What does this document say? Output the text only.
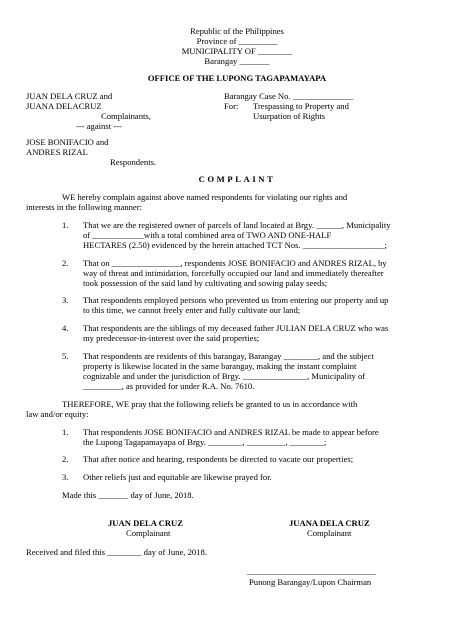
Republic of the Philippines
Province of _________
MUNICIPALITY OF ________
Barangay _______
OFFICE OF THE LUPONG TAGAPAMAYAPA
JUAN DELA CRUZ and
JUANA DELACRUZ
Complainants,
--- against ---
Barangay Case No. ______________
For: Trespassing to Property and
Usurpation of Rights
JOSE BONIFACIO and
ANDRES RIZAL
Respondents.
COMPLAINT
WE hereby complain against above named respondents for violating our rights and
interests in the following manner:
1. That we are the registered owner of parcels of land located at Brgy. ______, Municipality
of ____________with a total combined area of TWO AND ONE-HALF
HECTARES (2.50) evidenced by the herein attached TCT Nos. ___________________;
2. That on ________________, respondents JOSE BONIFACIO and ANDRES RIZAL, by
way of threat and intimidation, forcefully occupied our land and immediately thereafter
took possession of the said land by cultivating and sowing palay seeds;
3. That respondents employed persons who prevented us from entering our property and up
to this time, we cannot freely enter and fully cultivate our land;
4. That respondents are the siblings of my deceased father JULIAN DELA CRUZ who was
my predecessor-in-interest over the said properties;
5. That respondents are residents of this barangay, Barangay ________, and the subject
property is likewise located in the same barangay, making the instant complaint
cognizable and under the jurisdiction of Brgy. _______________, Municipality of
_________, as provided for under R.A. No. 7610.
THEREFORE, WE pray that the following reliefs be granted to us in accordance with
law and/or equity:
1. That respondents JOSE BONIFACIO and ANDRES RIZAL be made to appear before
the Lupong Tagapamayapa of Brgy. ________, _________, ________;
2. That after notice and hearing, respondents be directed to vacate our properties;
3. Other reliefs just and equitable are likewise prayed for.
Made this _______ day of June, 2018.
JUAN DELA CRUZ
Complainant
JUANA DELA CRUZ
Complainant
Received and filed this ________ day of June, 2018.
______________________________
Punong Barangay/Lupon Chairman
